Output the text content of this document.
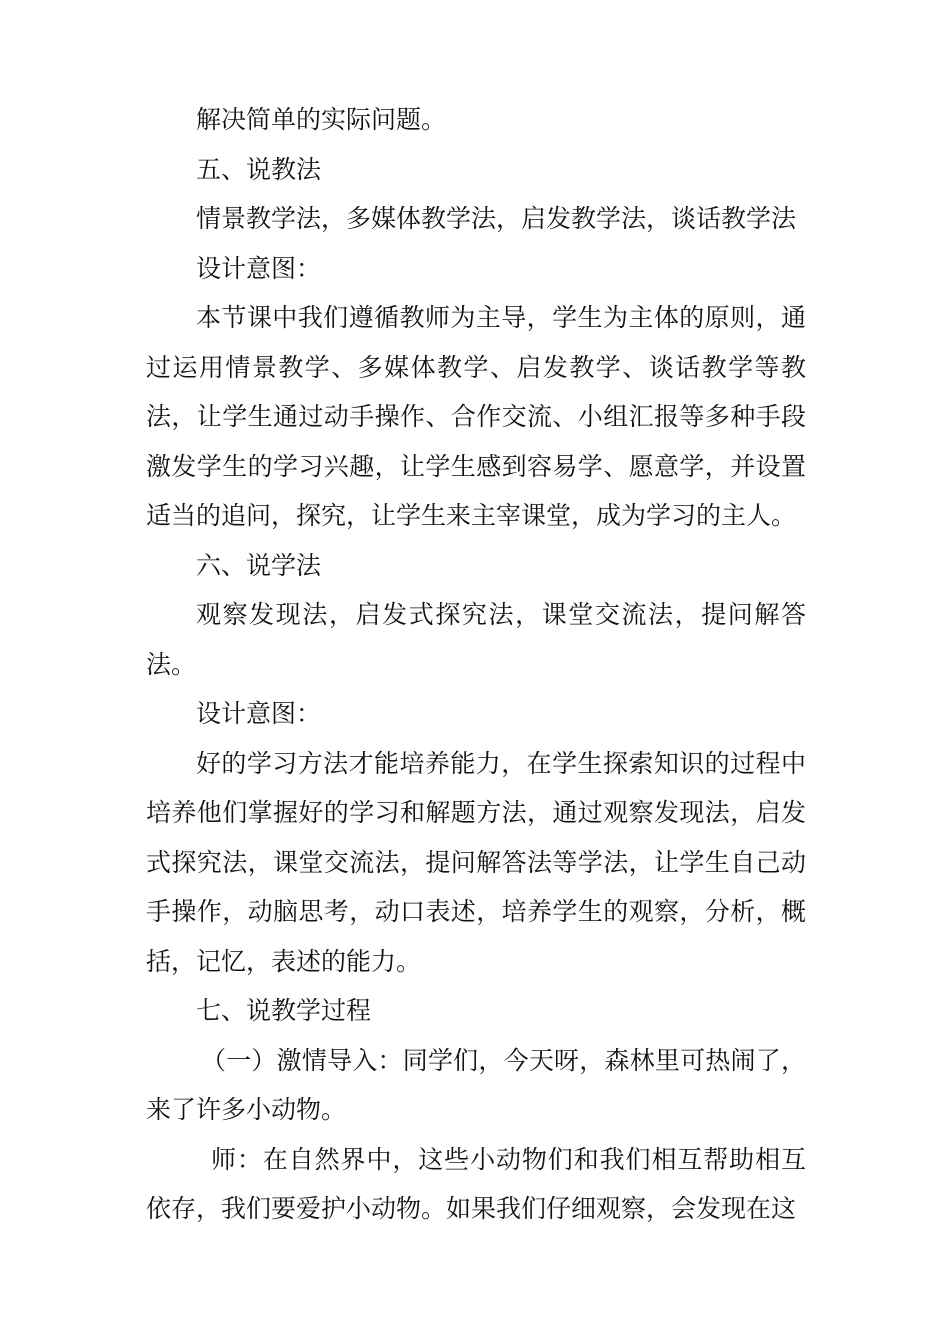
解决简单的实际问题。

五、说教法

情景教学法，多媒体教学法，启发教学法，谈话教学法

设计意图：

本节课中我们遵循教师为主导，学生为主体的原则，通过运用情景教学、多媒体教学、启发教学、谈话教学等教法，让学生通过动手操作、合作交流、小组汇报等多种手段激发学生的学习兴趣，让学生感到容易学、愿意学，并设置适当的追问，探究，让学生来主宰课堂，成为学习的主人。

六、说学法

观察发现法，启发式探究法，课堂交流法，提问解答法。

设计意图：

好的学习方法才能培养能力，在学生探索知识的过程中培养他们掌握好的学习和解题方法，通过观察发现法，启发式探究法，课堂交流法，提问解答法等学法，让学生自己动手操作，动脑思考，动口表述，培养学生的观察，分析，概括，记忆，表述的能力。

七、说教学过程

（一）激情导入：同学们，今天呀，森林里可热闹了，来了许多小动物。

师：在自然界中，这些小动物们和我们相互帮助相互依存，我们要爱护小动物。如果我们仔细观察，会发现在这
